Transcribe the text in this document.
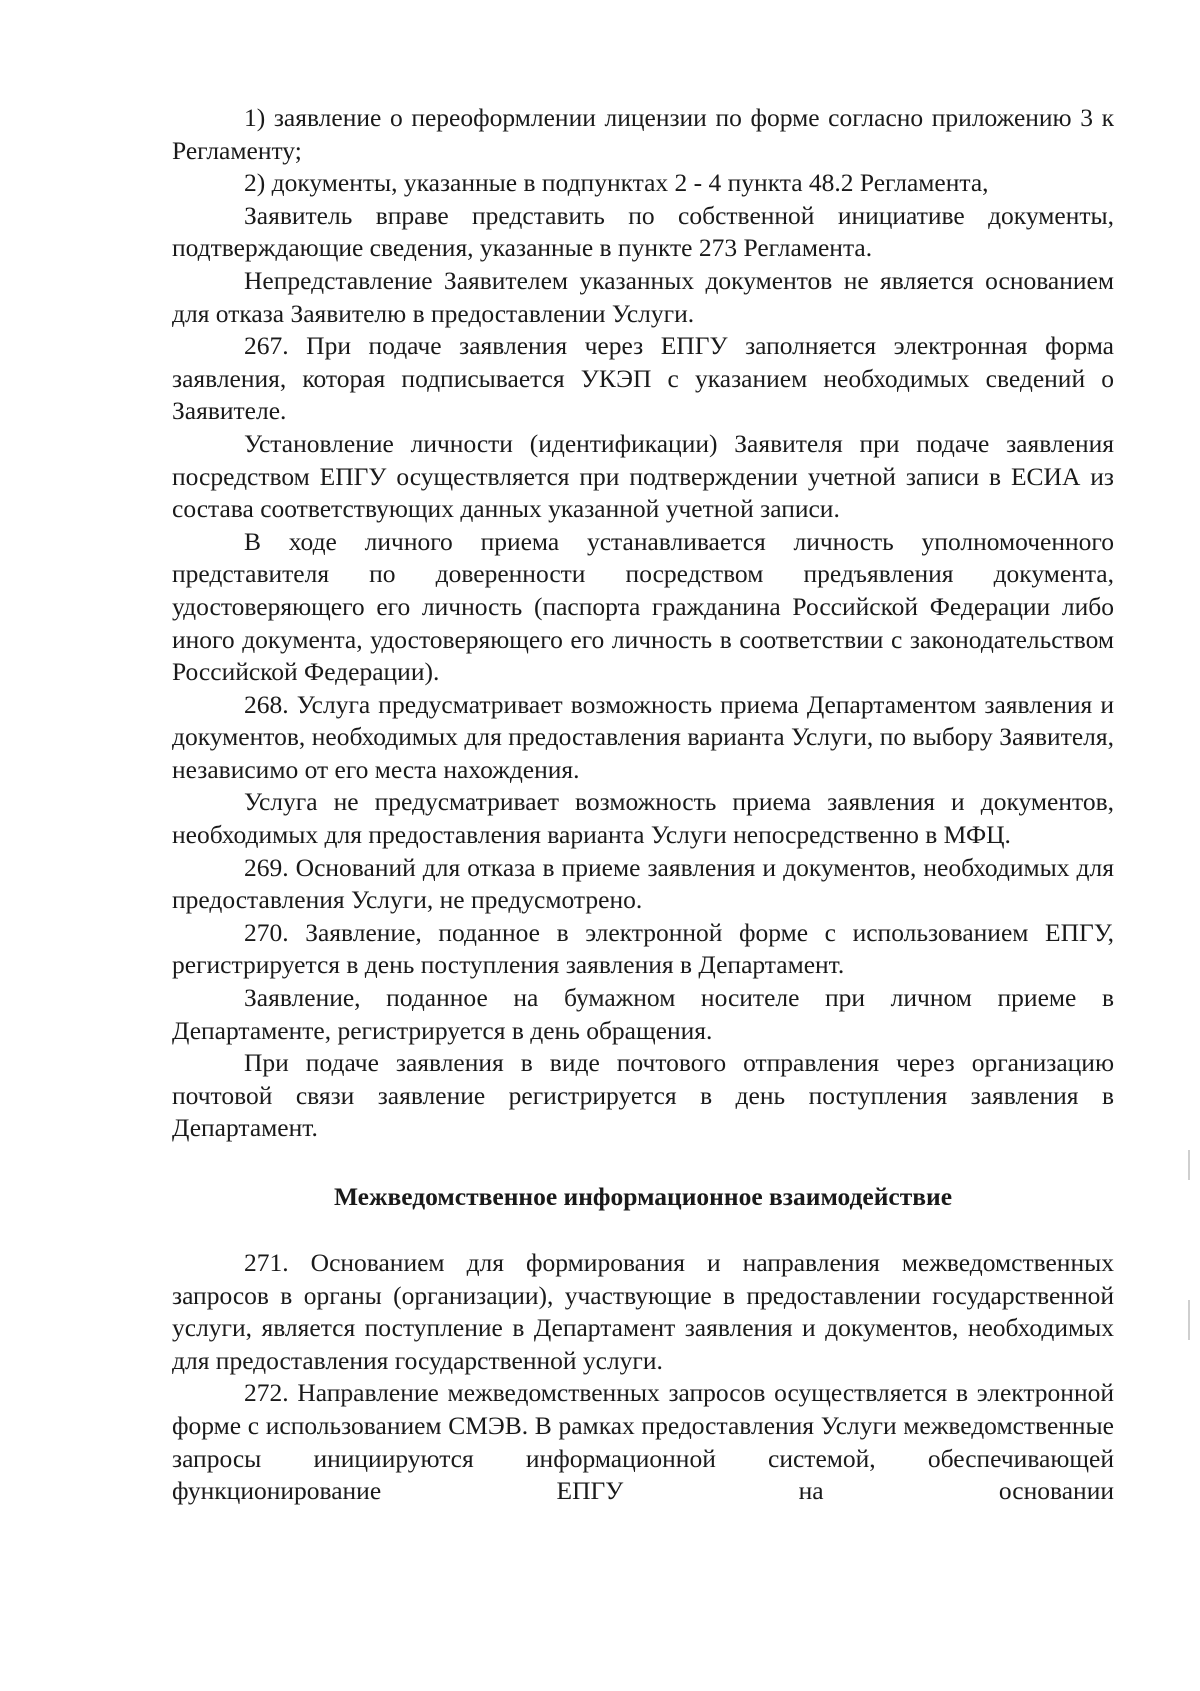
1) заявление о переоформлении лицензии по форме согласно приложению 3 к Регламенту;

2) документы, указанные в подпунктах 2 - 4 пункта 48.2 Регламента,

Заявитель вправе представить по собственной инициативе документы, подтверждающие сведения, указанные в пункте 273 Регламента.

Непредставление Заявителем указанных документов не является основанием для отказа Заявителю в предоставлении Услуги.

267. При подаче заявления через ЕПГУ заполняется электронная форма заявления, которая подписывается УКЭП с указанием необходимых сведений о Заявителе.

Установление личности (идентификации) Заявителя при подаче заявления посредством ЕПГУ осуществляется при подтверждении учетной записи в ЕСИА из состава соответствующих данных указанной учетной записи.

В ходе личного приема устанавливается личность уполномоченного представителя по доверенности посредством предъявления документа, удостоверяющего его личность (паспорта гражданина Российской Федерации либо иного документа, удостоверяющего его личность в соответствии с законодательством Российской Федерации).

268. Услуга предусматривает возможность приема Департаментом заявления и документов, необходимых для предоставления варианта Услуги, по выбору Заявителя, независимо от его места нахождения.

Услуга не предусматривает возможность приема заявления и документов, необходимых для предоставления варианта Услуги непосредственно в МФЦ.

269. Оснований для отказа в приеме заявления и документов, необходимых для предоставления Услуги, не предусмотрено.

270. Заявление, поданное в электронной форме с использованием ЕПГУ, регистрируется в день поступления заявления в Департамент.

Заявление, поданное на бумажном носителе при личном приеме в Департаменте, регистрируется в день обращения.

При подаче заявления в виде почтового отправления через организацию почтовой связи заявление регистрируется в день поступления заявления в Департамент.

Межведомственное информационное взаимодействие

271. Основанием для формирования и направления межведомственных запросов в органы (организации), участвующие в предоставлении государственной услуги, является поступление в Департамент заявления и документов, необходимых для предоставления государственной услуги.

272. Направление межведомственных запросов осуществляется в электронной форме с использованием СМЭВ. В рамках предоставления Услуги межведомственные запросы инициируются информационной системой, обеспечивающей функционирование ЕПГУ на основании
